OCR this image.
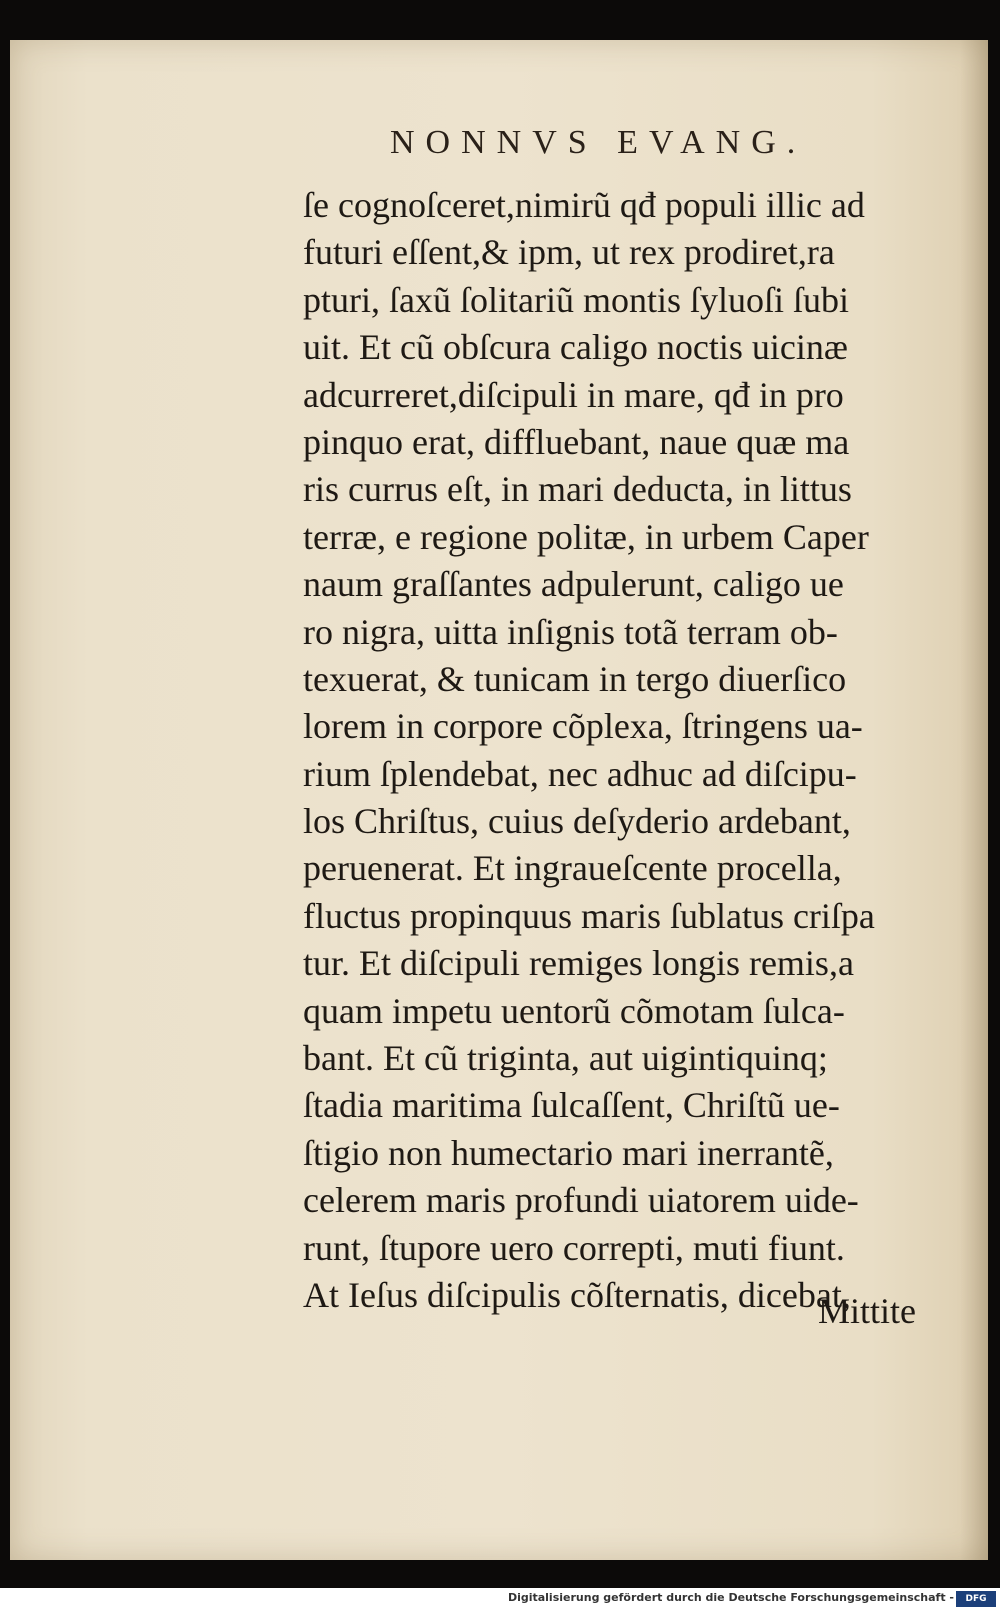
NONNVS EVANG.
ſe cognoſceret,nimirũ qđ populi illic ad
futuri eſſent,& ipm, ut rex prodiret,ra
pturi, ſaxũ ſolitariũ montis ſyluoſi ſubi
uit. Et cũ obſcura caligo noctis uicinæ
adcurreret,diſcipuli in mare, qđ in pro
pinquo erat, diffluebant, naue quæ ma
ris currus eſt, in mari deducta, in littus
terræ, e regione politæ, in urbem Caper
naum graſſantes adpulerunt, caligo ue
ro nigra, uitta inſignis totã terram ob-
texuerat, & tunicam in tergo diuerſico
lorem in corpore cõplexa, ſtringens ua-
rium ſplendebat, nec adhuc ad diſcipu-
los Chriſtus, cuius deſyderio ardebant,
peruenerat. Et ingraueſcente procella,
fluctus propinquus maris ſublatus criſpa
tur. Et diſcipuli remiges longis remis,a
quam impetu uentorũ cõmotam ſulca-
bant. Et cũ triginta, aut uigintiquinq;
ſtadia maritima ſulcaſſent, Chriſtũ ue-
ſtigio non humectario mari inerrantẽ,
celerem maris profundi uiatorem uide-
runt, ſtupore uero correpti, muti fiunt.
At Ieſus diſcipulis cõſternatis, dicebat,
Mittite
Digitalisierung gefördert durch die Deutsche Forschungsgemeinschaft -	DFG
